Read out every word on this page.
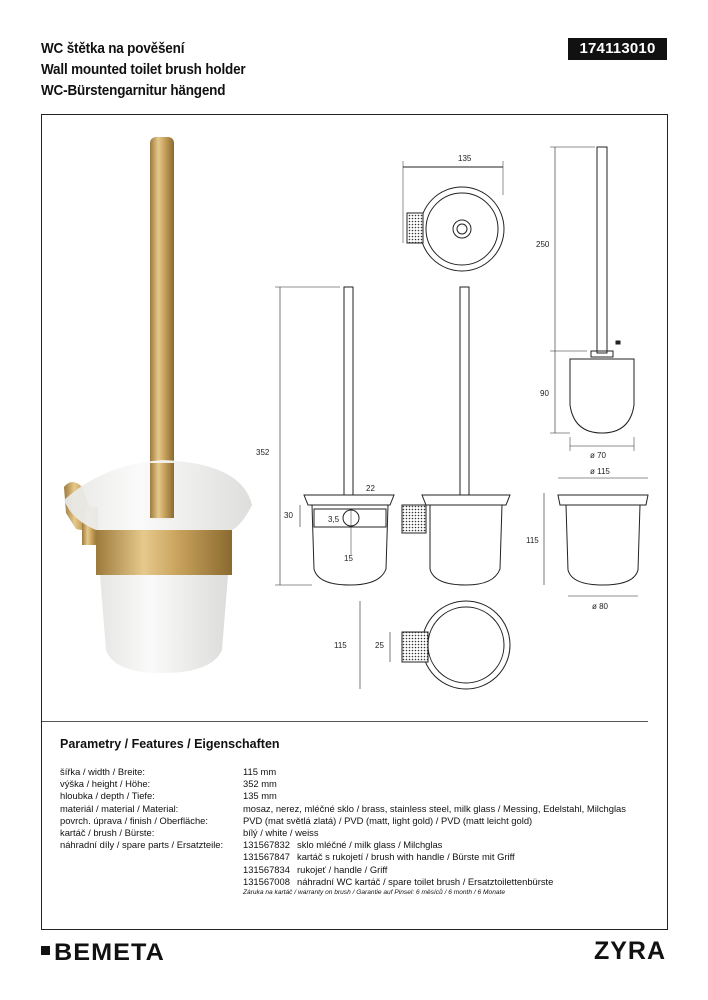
WC štětka na pověšení
Wall mounted toilet brush holder
WC-Bürstengarnitur hängend
174113010
135
250
90
ø 70
ø 115
115
ø 80
352
30	3,5
22
15
115	25
Parametry / Features / Eigenschaften
šířka / width / Breite:	115 mm
výška / height / Höhe:	352 mm
hloubka / depth / Tiefe:	135 mm
materiál / material / Material:	mosaz, nerez, mléčné sklo / brass, stainless steel, milk glass / Messing, Edelstahl, Milchglas
povrch. úprava / finish / Oberfläche:	PVD (mat světlá zlatá) / PVD (matt, light gold) / PVD (matt leicht gold)
kartáč / brush / Bürste:	bílý / white / weiss
náhradní díly / spare parts / Ersatzteile:	131567832 sklo mléčné / milk glass / Milchglas
131567847 kartáč s rukojetí / brush with handle / Bürste mit Griff
131567834 rukojeť / handle / Griff
131567008 náhradní WC kartáč / spare toilet brush / Ersatztoilettenbürste
Záruka na kartáč / warranty on brush / Garantie auf Pinsel: 6 měsíců / 6 month / 6 Monate
BEMETA	ZYRA
